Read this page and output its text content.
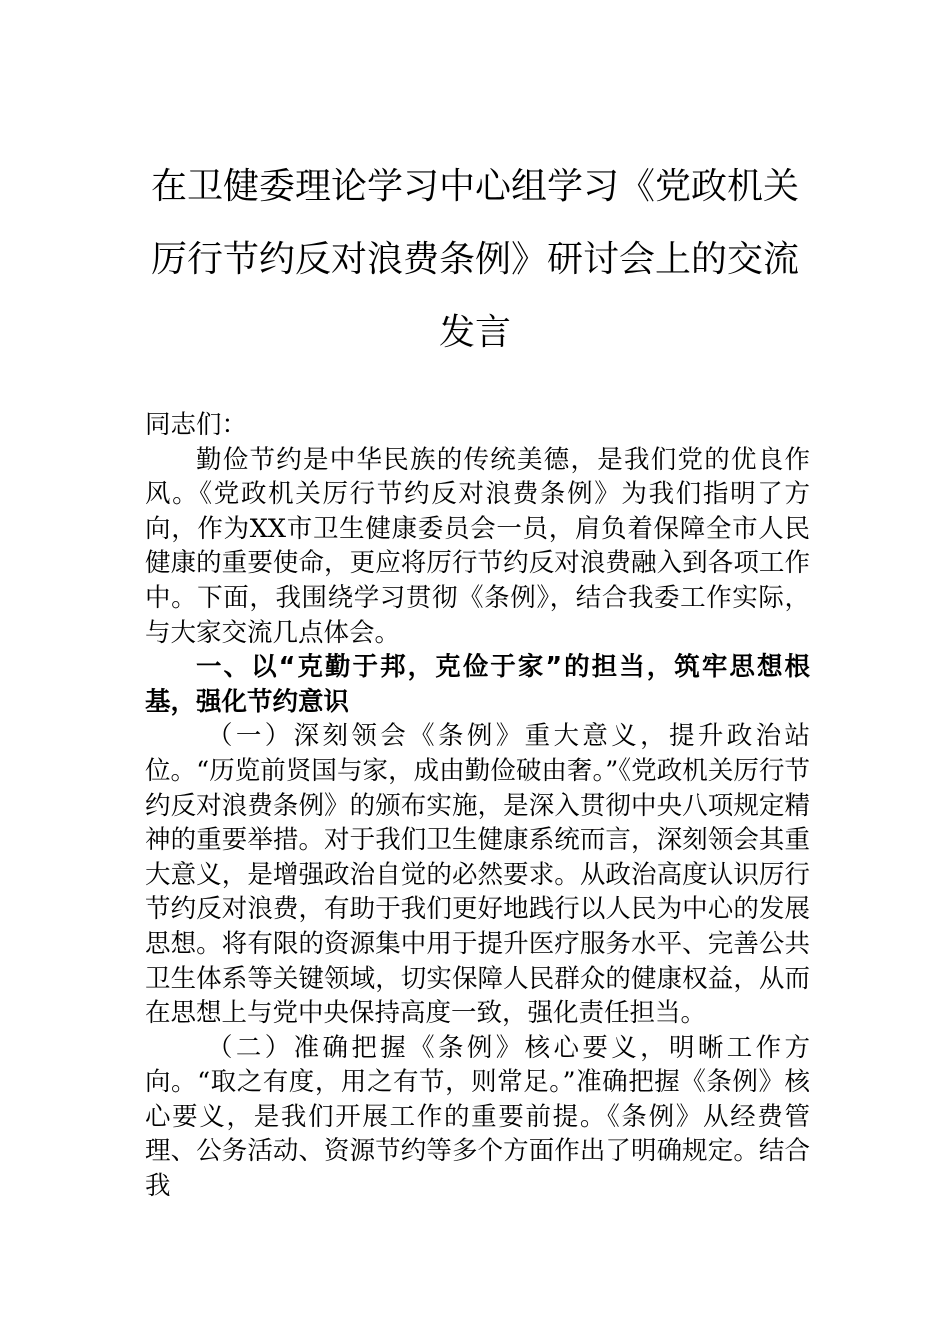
在卫健委理论学习中心组学习《党政机关
厉行节约反对浪费条例》研讨会上的交流
发言

同志们：

勤俭节约是中华民族的传统美德，是我们党的优良作风。《党政机关厉行节约反对浪费条例》为我们指明了方向，作为XX市卫生健康委员会一员，肩负着保障全市人民健康的重要使命，更应将厉行节约反对浪费融入到各项工作中。下面，我围绕学习贯彻《条例》，结合我委工作实际，与大家交流几点体会。

一、以“克勤于邦，克俭于家”的担当，筑牢思想根基，强化节约意识

（一）深刻领会《条例》重大意义，提升政治站位。“历览前贤国与家，成由勤俭破由奢。”《党政机关厉行节约反对浪费条例》的颁布实施，是深入贯彻中央八项规定精神的重要举措。对于我们卫生健康系统而言，深刻领会其重大意义，是增强政治自觉的必然要求。从政治高度认识厉行节约反对浪费，有助于我们更好地践行以人民为中心的发展思想。将有限的资源集中用于提升医疗服务水平、完善公共卫生体系等关键领域，切实保障人民群众的健康权益，从而在思想上与党中央保持高度一致，强化责任担当。

（二）准确把握《条例》核心要义，明晰工作方向。“取之有度，用之有节，则常足。”准确把握《条例》核心要义，是我们开展工作的重要前提。《条例》从经费管理、公务活动、资源节约等多个方面作出了明确规定。结合我
